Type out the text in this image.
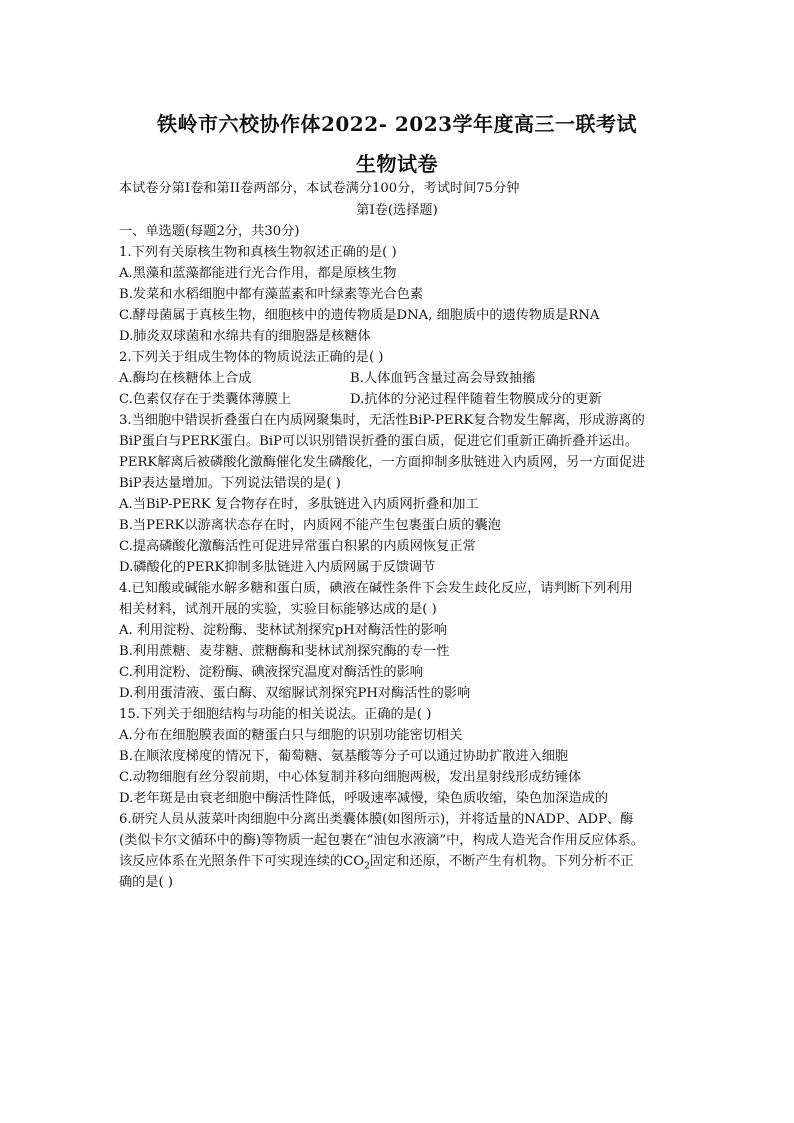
铁岭市六校协作体2022- 2023学年度高三一联考试
生物试卷
本试卷分第I卷和第II卷两部分，本试卷满分100分，考试时间75分钟
第I卷(选择题)
一、单选题(每题2分，共30分)
1.下列有关原核生物和真核生物叙述正确的是( )
A.黑藻和蓝藻都能进行光合作用，都是原核生物
B.发菜和水稻细胞中都有藻蓝素和叶绿素等光合色素
C.酵母菌属于真核生物，细胞核中的遗传物质是DNA, 细胞质中的遗传物质是RNA
D.肺炎双球菌和水绵共有的细胞器是核糖体
2.下列关于组成生物体的物质说法正确的是( )
A.酶均在核糖体上合成	B.人体血钙含量过高会导致抽搐
C.色素仅存在于类囊体薄膜上	D.抗体的分泌过程伴随着生物膜成分的更新
3.当细胞中错误折叠蛋白在内质网聚集时，无活性BiP-PERK复合物发生解离，形成游离的
BiP蛋白与PERK蛋白。BiP可以识别错误折叠的蛋白质，促进它们重新正确折叠并运出。
PERK解离后被磷酸化激酶催化发生磷酸化，一方面抑制多肽链进入内质网，另一方面促进
BiP表达量增加。下列说法错误的是( )
A.当BiP-PERK 复合物存在时，多肽链进入内质网折叠和加工
B.当PERK以游离状态存在时，内质网不能产生包裹蛋白质的囊泡
C.提高磷酸化激酶活性可促进异常蛋白积累的内质网恢复正常
D.磷酸化的PERK抑制多肽链进入内质网属于反馈调节
4.已知酸或碱能水解多糖和蛋白质，碘液在碱性条件下会发生歧化反应，请判断下列利用
相关材料，试剂开展的实验，实验目标能够达成的是( )
A. 利用淀粉、淀粉酶、斐林试剂探究pH对酶活性的影响
B.利用蔗糖、麦芽糖、蔗糖酶和斐林试剂探究酶的专一性
C.利用淀粉、淀粉酶、碘液探究温度对酶活性的影响
D.利用蛋清液、蛋白酶、双缩脲试剂探究PH对酶活性的影响
15.下列关于细胞结构与功能的相关说法。正确的是( )
A.分布在细胞膜表面的糖蛋白只与细胞的识别功能密切相关
B.在顺浓度梯度的情况下，葡萄糖、氨基酸等分子可以通过协助扩散进入细胞
C.动物细胞有丝分裂前期，中心体复制并移向细胞两极，发出星射线形成纺锤体
D.老年斑是由衰老细胞中酶活性降低，呼吸速率减慢，染色质收缩，染色加深造成的
6.研究人员从菠菜叶肉细胞中分离出类囊体膜(如图所示)，并将适量的NADP、ADP、酶
(类似卡尔文循环中的酶)等物质一起包裹在“油包水液滴”中，构成人造光合作用反应体系。
该反应体系在光照条件下可实现连续的$CO_2$固定和还原，不断产生有机物。下列分析不正
确的是( )
